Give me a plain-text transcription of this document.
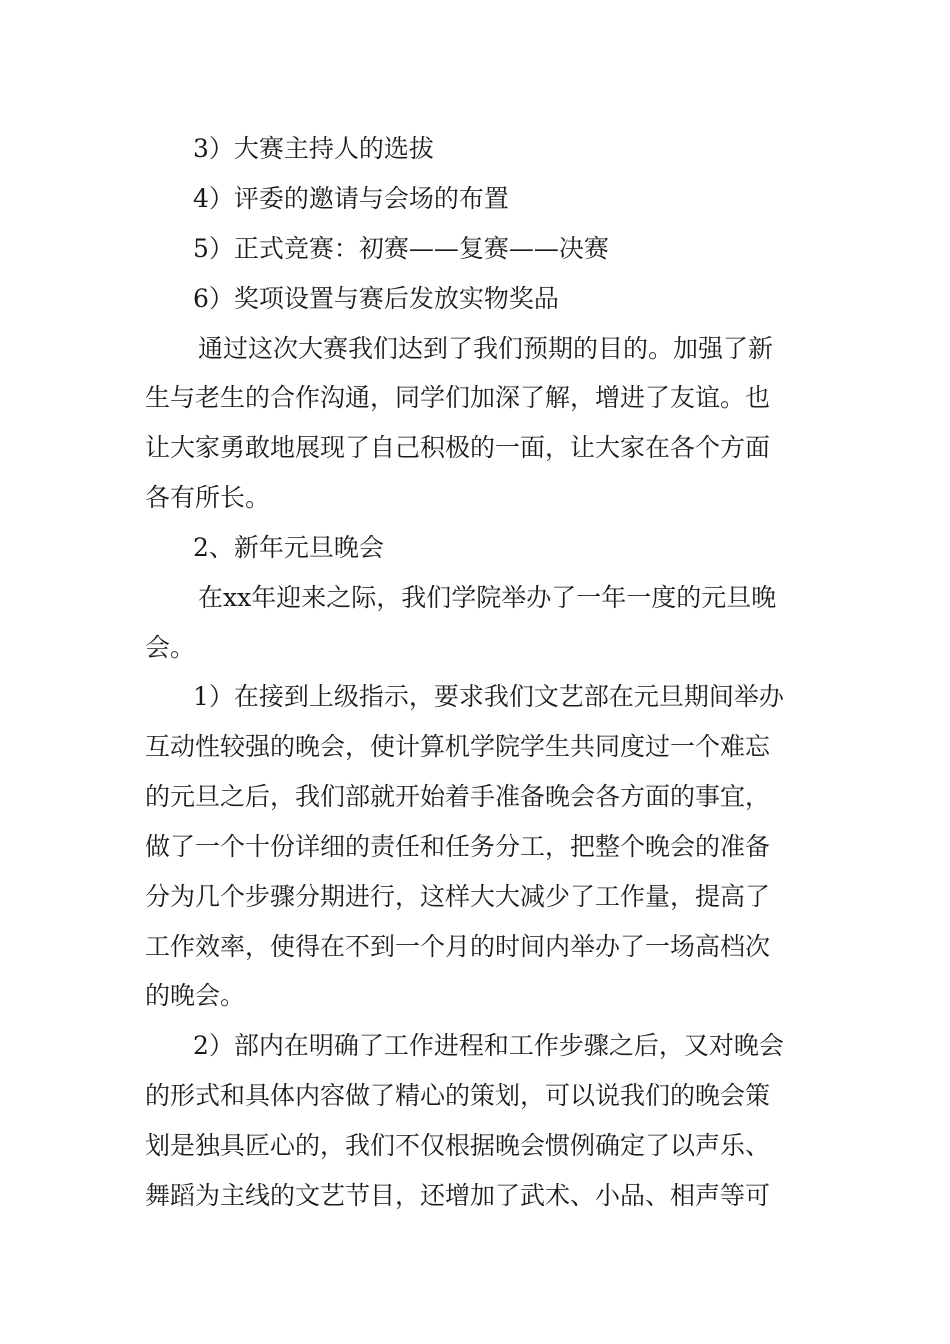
3）大赛主持人的选拔

4）评委的邀请与会场的布置

5）正式竞赛：初赛——复赛——决赛

6）奖项设置与赛后发放实物奖品

通过这次大赛我们达到了我们预期的目的。加强了新

生与老生的合作沟通，同学们加深了解，增进了友谊。也

让大家勇敢地展现了自己积极的一面，让大家在各个方面

各有所长。

2、新年元旦晚会

在xx年迎来之际，我们学院举办了一年一度的元旦晚

会。

1）在接到上级指示，要求我们文艺部在元旦期间举办

互动性较强的晚会，使计算机学院学生共同度过一个难忘

的元旦之后，我们部就开始着手准备晚会各方面的事宜，

做了一个十份详细的责任和任务分工，把整个晚会的准备

分为几个步骤分期进行，这样大大减少了工作量，提高了

工作效率，使得在不到一个月的时间内举办了一场高档次

的晚会。

2）部内在明确了工作进程和工作步骤之后，又对晚会

的形式和具体内容做了精心的策划，可以说我们的晚会策

划是独具匠心的，我们不仅根据晚会惯例确定了以声乐、

舞蹈为主线的文艺节目，还增加了武术、小品、相声等可
